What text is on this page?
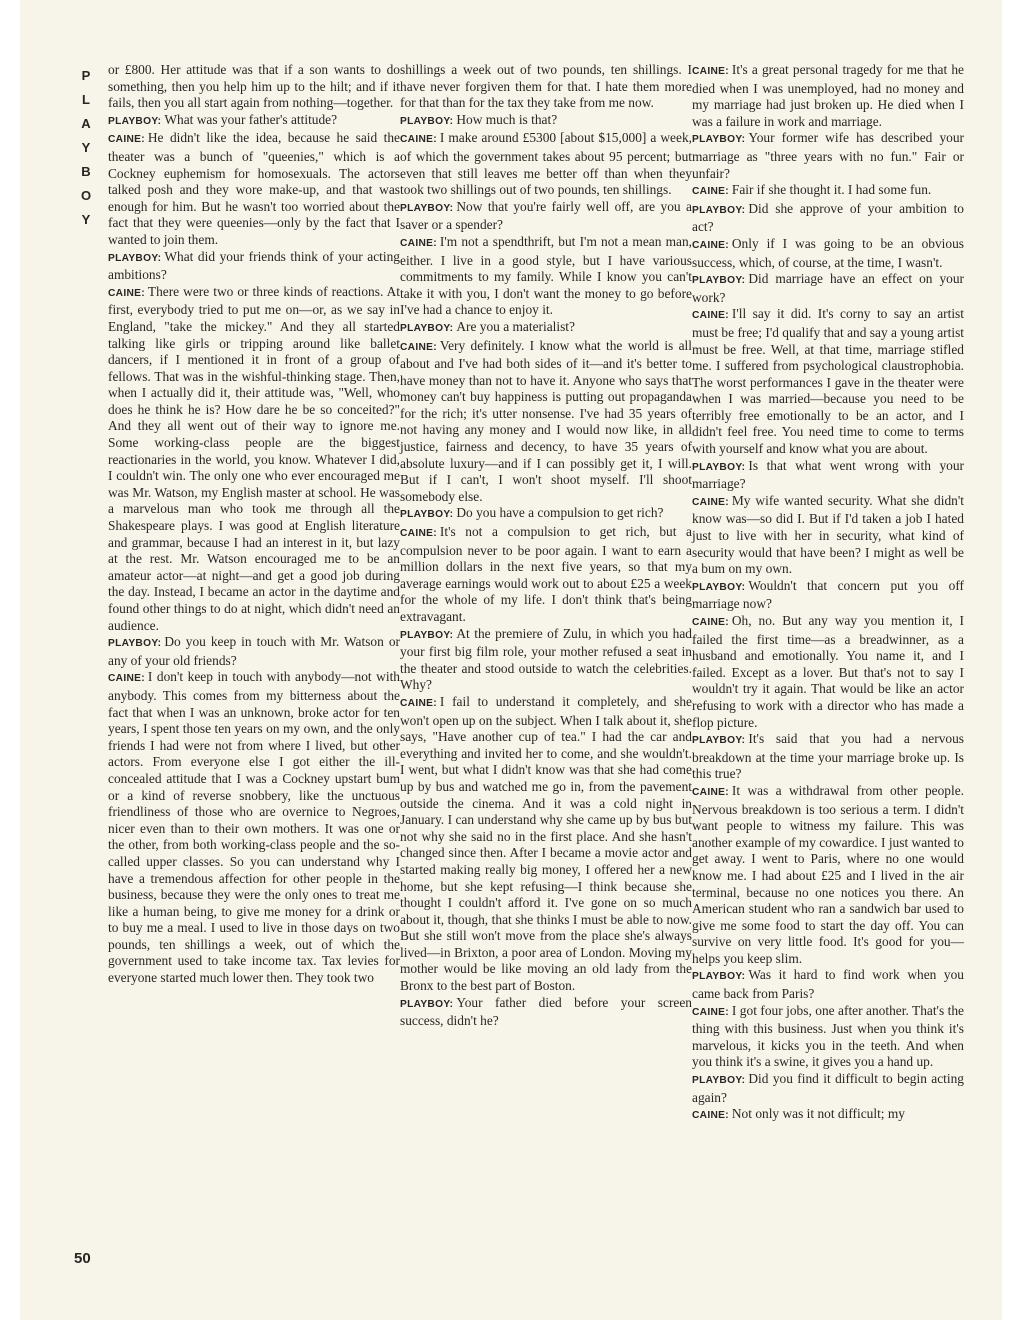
P
L
A
Y
B
O
Y

or £800. Her attitude was that if a son wants to do something, then you help him up to the hilt; and if it fails, then you all start again from nothing—together.

PLAYBOY: What was your father's attitude?

CAINE: He didn't like the idea, because he said the theater was a bunch of "queenies," which is a Cockney euphemism for homosexuals. The actors talked posh and they wore make-up, and that was enough for him. But he wasn't too worried about the fact that they were queenies—only by the fact that I wanted to join them.

PLAYBOY: What did your friends think of your acting ambitions?

CAINE: There were two or three kinds of reactions. At first, everybody tried to put me on—or, as we say in England, "take the mickey." And they all started talking like girls or tripping around like ballet dancers, if I mentioned it in front of a group of fellows. That was in the wishful-thinking stage. Then, when I actually did it, their attitude was, "Well, who does he think he is? How dare he be so conceited?" And they all went out of their way to ignore me. Some working-class people are the biggest reactionaries in the world, you know. Whatever I did, I couldn't win. The only one who ever encouraged me was Mr. Watson, my English master at school. He was a marvelous man who took me through all the Shakespeare plays. I was good at English literature and grammar, because I had an interest in it, but lazy at the rest. Mr. Watson encouraged me to be an amateur actor—at night—and get a good job during the day. Instead, I became an actor in the daytime and found other things to do at night, which didn't need an audience.

PLAYBOY: Do you keep in touch with Mr. Watson or any of your old friends?

CAINE: I don't keep in touch with anybody—not with anybody. This comes from my bitterness about the fact that when I was an unknown, broke actor for ten years, I spent those ten years on my own, and the only friends I had were not from where I lived, but other actors. From everyone else I got either the ill-concealed attitude that I was a Cockney upstart bum or a kind of reverse snobbery, like the unctuous friendliness of those who are overnice to Negroes, nicer even than to their own mothers. It was one or the other, from both working-class people and the so-called upper classes. So you can understand why I have a tremendous affection for other people in the business, because they were the only ones to treat me like a human being, to give me money for a drink or to buy me a meal. I used to live in those days on two pounds, ten shillings a week, out of which the government used to take income tax. Tax levies for everyone started much lower then. They took two

shillings a week out of two pounds, ten shillings. I have never forgiven them for that. I hate them more for that than for the tax they take from me now.

PLAYBOY: How much is that?

CAINE: I make around £5300 [about $15,000] a week, of which the government takes about 95 percent; but even that still leaves me better off than when they took two shillings out of two pounds, ten shillings.

PLAYBOY: Now that you're fairly well off, are you a saver or a spender?

CAINE: I'm not a spendthrift, but I'm not a mean man, either. I live in a good style, but I have various commitments to my family. While I know you can't take it with you, I don't want the money to go before I've had a chance to enjoy it.

PLAYBOY: Are you a materialist?

CAINE: Very definitely. I know what the world is all about and I've had both sides of it—and it's better to have money than not to have it. Anyone who says that money can't buy happiness is putting out propaganda for the rich; it's utter nonsense. I've had 35 years of not having any money and I would now like, in all justice, fairness and decency, to have 35 years of absolute luxury—and if I can possibly get it, I will. But if I can't, I won't shoot myself. I'll shoot somebody else.

PLAYBOY: Do you have a compulsion to get rich?

CAINE: It's not a compulsion to get rich, but a compulsion never to be poor again. I want to earn a million dollars in the next five years, so that my average earnings would work out to about £25 a week for the whole of my life. I don't think that's being extravagant.

PLAYBOY: At the premiere of Zulu, in which you had your first big film role, your mother refused a seat in the theater and stood outside to watch the celebrities. Why?

CAINE: I fail to understand it completely, and she won't open up on the subject. When I talk about it, she says, "Have another cup of tea." I had the car and everything and invited her to come, and she wouldn't. I went, but what I didn't know was that she had come up by bus and watched me go in, from the pavement outside the cinema. And it was a cold night in January. I can understand why she came up by bus but not why she said no in the first place. And she hasn't changed since then. After I became a movie actor and started making really big money, I offered her a new home, but she kept refusing—I think because she thought I couldn't afford it. I've gone on so much about it, though, that she thinks I must be able to now. But she still won't move from the place she's always lived—in Brixton, a poor area of London. Moving my mother would be like moving an old lady from the Bronx to the best part of Boston.

PLAYBOY: Your father died before your screen success, didn't he?

CAINE: It's a great personal tragedy for me that he died when I was unemployed, had no money and my marriage had just broken up. He died when I was a failure in work and marriage.

PLAYBOY: Your former wife has described your marriage as "three years with no fun." Fair or unfair?

CAINE: Fair if she thought it. I had some fun.

PLAYBOY: Did she approve of your ambition to act?

CAINE: Only if I was going to be an obvious success, which, of course, at the time, I wasn't.

PLAYBOY: Did marriage have an effect on your work?

CAINE: I'll say it did. It's corny to say an artist must be free; I'd qualify that and say a young artist must be free. Well, at that time, marriage stifled me. I suffered from psychological claustrophobia. The worst performances I gave in the theater were when I was married—because you need to be terribly free emotionally to be an actor, and I didn't feel free. You need time to come to terms with yourself and know what you are about.

PLAYBOY: Is that what went wrong with your marriage?

CAINE: My wife wanted security. What she didn't know was—so did I. But if I'd taken a job I hated just to live with her in security, what kind of security would that have been? I might as well be a bum on my own.

PLAYBOY: Wouldn't that concern put you off marriage now?

CAINE: Oh, no. But any way you mention it, I failed the first time—as a breadwinner, as a husband and emotionally. You name it, and I failed. Except as a lover. But that's not to say I wouldn't try it again. That would be like an actor refusing to work with a director who has made a flop picture.

PLAYBOY: It's said that you had a nervous breakdown at the time your marriage broke up. Is this true?

CAINE: It was a withdrawal from other people. Nervous breakdown is too serious a term. I didn't want people to witness my failure. This was another example of my cowardice. I just wanted to get away. I went to Paris, where no one would know me. I had about £25 and I lived in the air terminal, because no one notices you there. An American student who ran a sandwich bar used to give me some food to start the day off. You can survive on very little food. It's good for you—helps you keep slim.

PLAYBOY: Was it hard to find work when you came back from Paris?

CAINE: I got four jobs, one after another. That's the thing with this business. Just when you think it's marvelous, it kicks you in the teeth. And when you think it's a swine, it gives you a hand up.

PLAYBOY: Did you find it difficult to begin acting again?

CAINE: Not only was it not difficult; my

50
